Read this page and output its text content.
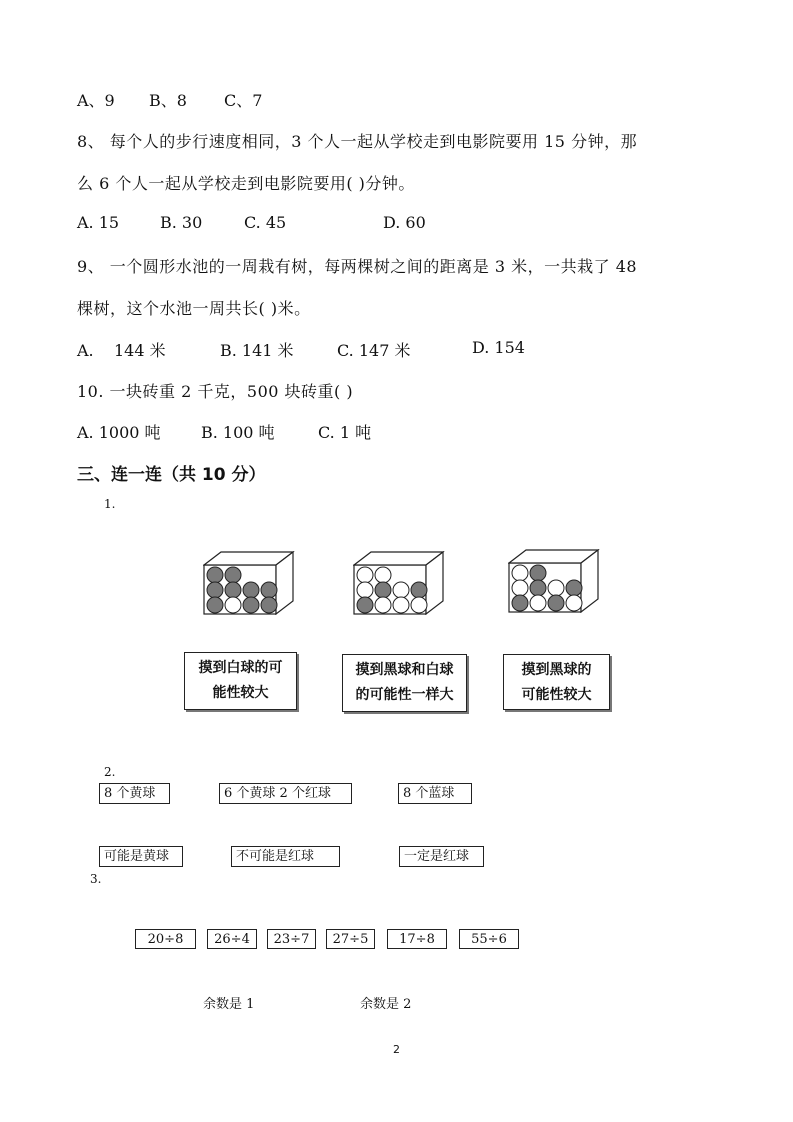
A、9 B、8 C、7
8、 每个人的步行速度相同，3 个人一起从学校走到电影院要用 15 分钟，那
么 6 个人一起从学校走到电影院要用( )分钟。
A. 15	B. 30	C. 45	D. 60
9、 一个圆形水池的一周栽有树，每两棵树之间的距离是 3 米，一共栽了 48
棵树，这个水池一周共长( )米。
A.    144 米	B. 141 米	C. 147 米	D. 154
10. 一块砖重 2 千克，500 块砖重( )
A. 1000 吨	B. 100 吨	C. 1 吨
三、连一连（共 10 分）
1.
摸到白球的可
能性较大
摸到黑球和白球
的可能性一样大
摸到黑球的
可能性较大
2.
8 个黄球	6 个黄球 2 个红球	8 个蓝球
可能是黄球	不可能是红球	一定是红球
3.
20÷8	26÷4	23÷7	27÷5	17÷8	55÷6
余数是 1	余数是 2
2
